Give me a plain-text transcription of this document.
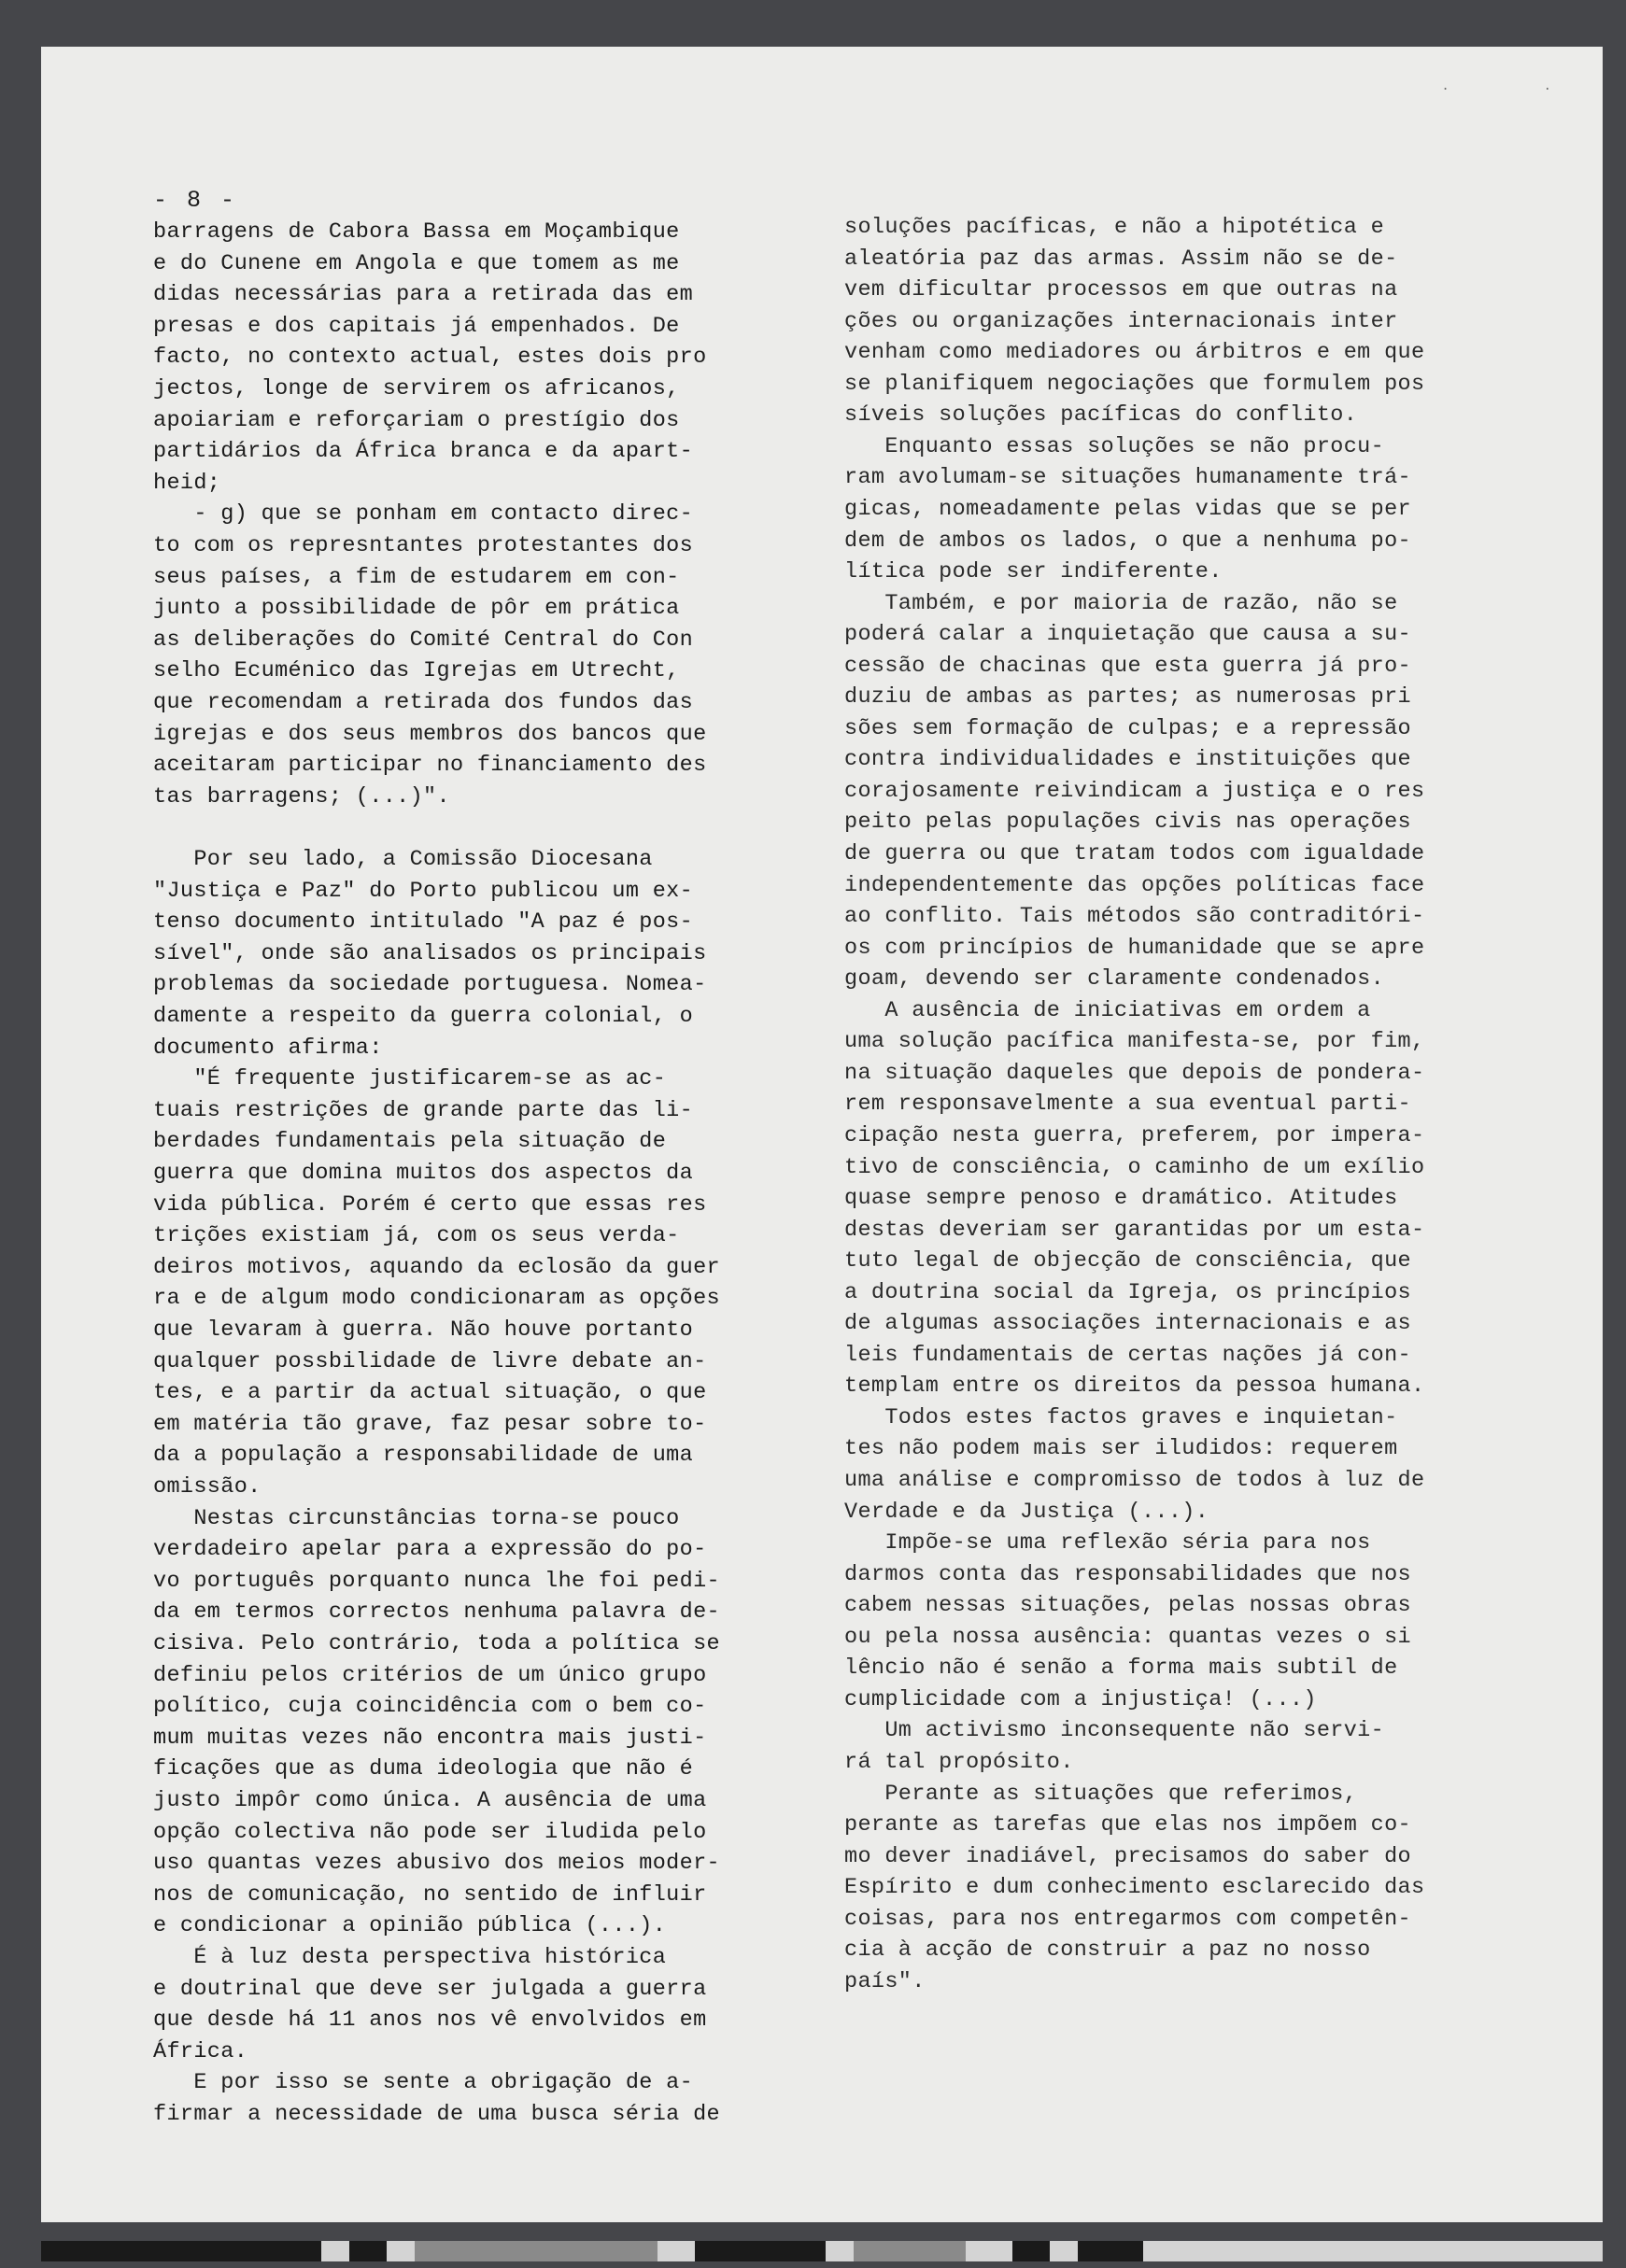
- 8 -
barragens de Cabora Bassa em Moçambique
e do Cunene em Angola e que tomem as me
didas necessárias para a retirada das em
presas e dos capitais já empenhados. De
facto, no contexto actual, estes dois pro
jectos, longe de servirem os africanos,
apoiariam e reforçariam o prestígio dos
partidários da África branca e da apart-
heid;
- g) que se ponham em contacto direc-
to com os represntantes protestantes dos
seus países, a fim de estudarem em con-
junto a possibilidade de pôr em prática
as deliberações do Comité Central do Con
selho Ecuménico das Igrejas em Utrecht,
que recomendam a retirada dos fundos das
igrejas e dos seus membros dos bancos que
aceitaram participar no financiamento des
tas barragens; (...)".
Por seu lado, a Comissão Diocesana
"Justiça e Paz" do Porto publicou um ex-
tenso documento intitulado "A paz é pos-
sível", onde são analisados os principais
problemas da sociedade portuguesa. Nomea-
damente a respeito da guerra colonial, o
documento afirma:
"É frequente justificarem-se as ac-
tuais restrições de grande parte das li-
berdades fundamentais pela situação de
guerra que domina muitos dos aspectos da
vida pública. Porém é certo que essas res
trições existiam já, com os seus verda-
deiros motivos, aquando da eclosão da guer
ra e de algum modo condicionaram as opções
que levaram à guerra. Não houve portanto
qualquer possbilidade de livre debate an-
tes, e a partir da actual situação, o que
em matéria tão grave, faz pesar sobre to-
da a população a responsabilidade de uma
omissão.
Nestas circunstâncias torna-se pouco
verdadeiro apelar para a expressão do po-
vo português porquanto nunca lhe foi pedi-
da em termos correctos nenhuma palavra de-
cisiva. Pelo contrário, toda a política se
definiu pelos critérios de um único grupo
político, cuja coincidência com o bem co-
mum muitas vezes não encontra mais justi-
ficações que as duma ideologia que não é
justo impôr como única. A ausência de uma
opção colectiva não pode ser iludida pelo
uso quantas vezes abusivo dos meios moder-
nos de comunicação, no sentido de influir
e condicionar a opinião pública (...).
É à luz desta perspectiva histórica
e doutrinal que deve ser julgada a guerra
que desde há 11 anos nos vê envolvidos em
África.
E por isso se sente a obrigação de a-
firmar a necessidade de uma busca séria de
soluções pacíficas, e não a hipotética e
aleatória paz das armas. Assim não se de-
vem dificultar processos em que outras na
ções ou organizações internacionais inter
venham como mediadores ou árbitros e em que
se planifiquem negociações que formulem pos
síveis soluções pacíficas do conflito.
Enquanto essas soluções se não procu-
ram avolumam-se situações humanamente trá-
gicas, nomeadamente pelas vidas que se per
dem de ambos os lados, o que a nenhuma po-
lítica pode ser indiferente.
Também, e por maioria de razão, não se
poderá calar a inquietação que causa a su-
cessão de chacinas que esta guerra já pro-
duziu de ambas as partes; as numerosas pri
sões sem formação de culpas; e a repressão
contra individualidades e instituições que
corajosamente reivindicam a justiça e o res
peito pelas populações civis nas operações
de guerra ou que tratam todos com igualdade
independentemente das opções políticas face
ao conflito. Tais métodos são contraditóri-
os com princípios de humanidade que se apre
goam, devendo ser claramente condenados.
A ausência de iniciativas em ordem a
uma solução pacífica manifesta-se, por fim,
na situação daqueles que depois de pondera-
rem responsavelmente a sua eventual parti-
cipação nesta guerra, preferem, por impera-
tivo de consciência, o caminho de um exílio
quase sempre penoso e dramático. Atitudes
destas deveriam ser garantidas por um esta-
tuto legal de objecção de consciência, que
a doutrina social da Igreja, os princípios
de algumas associações internacionais e as
leis fundamentais de certas nações já con-
templam entre os direitos da pessoa humana.
Todos estes factos graves e inquietan-
tes não podem mais ser iludidos: requerem
uma análise e compromisso de todos à luz de
Verdade e da Justiça (...).
Impõe-se uma reflexão séria para nos
darmos conta das responsabilidades que nos
cabem nessas situações, pelas nossas obras
ou pela nossa ausência: quantas vezes o si
lêncio não é senão a forma mais subtil de
cumplicidade com a injustiça! (...)
Um activismo inconsequente não servi-
rá tal propósito.
Perante as situações que referimos,
perante as tarefas que elas nos impõem co-
mo dever inadiável, precisamos do saber do
Espírito e dum conhecimento esclarecido das
coisas, para nos entregarmos com competên-
cia à acção de construir a paz no nosso
país".
·            ·
